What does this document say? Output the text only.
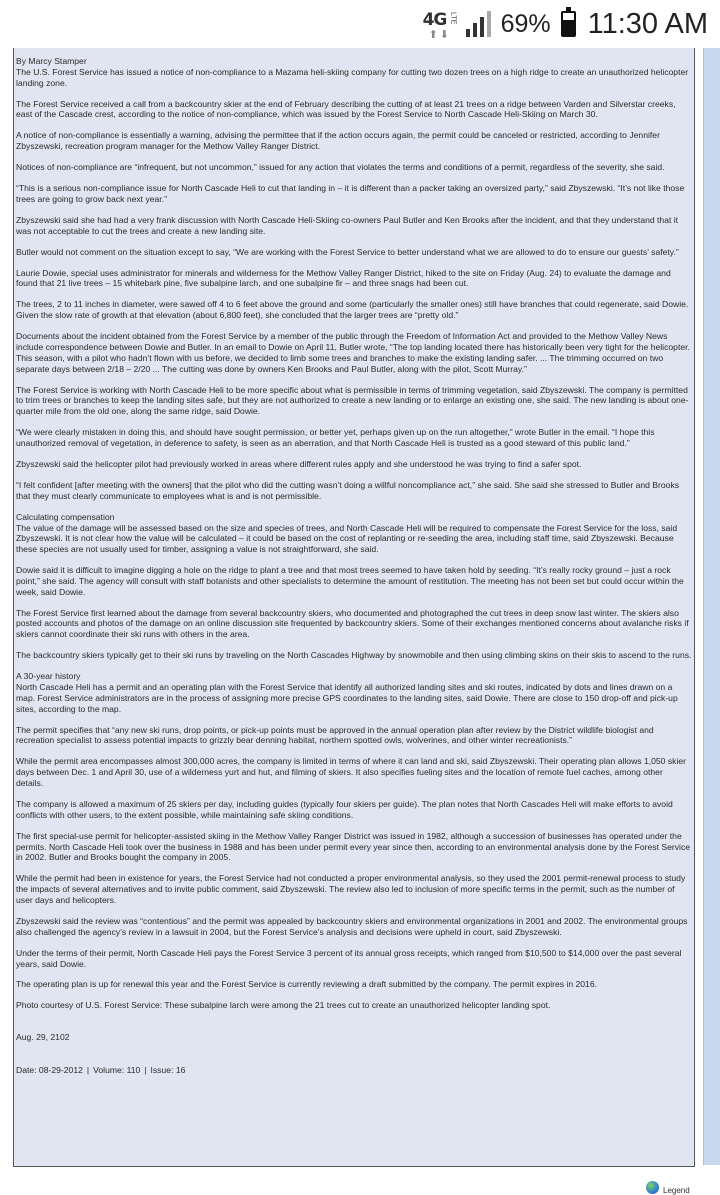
4G LTE
⬆⬇ 69% 11:30 AM

By Marcy Stamper

The U.S. Forest Service has issued a notice of non-compliance to a Mazama heli-skiing company for cutting two dozen trees on a high ridge to create an unauthorized helicopter landing zone.

The Forest Service received a call from a backcountry skier at the end of February describing the cutting of at least 21 trees on a ridge between Varden and Silverstar creeks, east of the Cascade crest, according to the notice of non-compliance, which was issued by the Forest Service to North Cascade Heli-Skiing on March 30.

A notice of non-compliance is essentially a warning, advising the permittee that if the action occurs again, the permit could be canceled or restricted, according to Jennifer Zbyszewski, recreation program manager for the Methow Valley Ranger District.

Notices of non-compliance are “infrequent, but not uncommon,” issued for any action that violates the terms and conditions of a permit, regardless of the severity, she said.

“This is a serious non-compliance issue for North Cascade Heli to cut that landing in – it is different than a packer taking an oversized party,” said Zbyszewski. “It’s not like those trees are going to grow back next year.”

Zbyszewski said she had had a very frank discussion with North Cascade Heli-Skiing co-owners Paul Butler and Ken Brooks after the incident, and that they understand that it was not acceptable to cut the trees and create a new landing site.

Butler would not comment on the situation except to say, “We are working with the Forest Service to better understand what we are allowed to do to ensure our guests’ safety.”

Laurie Dowie, special uses administrator for minerals and wilderness for the Methow Valley Ranger District, hiked to the site on Friday (Aug. 24) to evaluate the damage and found that 21 live trees – 15 whitebark pine, five subalpine larch, and one subalpine fir – and three snags had been cut.

The trees, 2 to 11 inches in diameter, were sawed off 4 to 6 feet above the ground and some (particularly the smaller ones) still have branches that could regenerate, said Dowie. Given the slow rate of growth at that elevation (about 6,800 feet), she concluded that the larger trees are “pretty old.”

Documents about the incident obtained from the Forest Service by a member of the public through the Freedom of Information Act and provided to the Methow Valley News include correspondence between Dowie and Butler. In an email to Dowie on April 11, Butler wrote, “The top landing located there has historically been very tight for the helicopter. This season, with a pilot who hadn’t flown with us before, we decided to limb some trees and branches to make the existing landing safer. ... The trimming occurred on two separate days between 2/18 – 2/20 ... The cutting was done by owners Ken Brooks and Paul Butler, along with the pilot, Scott Murray.”

The Forest Service is working with North Cascade Heli to be more specific about what is permissible in terms of trimming vegetation, said Zbyszewski. The company is permitted to trim trees or branches to keep the landing sites safe, but they are not authorized to create a new landing or to enlarge an existing one, she said. The new landing is about one-quarter mile from the old one, along the same ridge, said Dowie.

“We were clearly mistaken in doing this, and should have sought permission, or better yet, perhaps given up on the run altogether,” wrote Butler in the email. “I hope this unauthorized removal of vegetation, in deference to safety, is seen as an aberration, and that North Cascade Heli is trusted as a good steward of this public land.”

Zbyszewski said the helicopter pilot had previously worked in areas where different rules apply and she understood he was trying to find a safer spot.

“I felt confident [after meeting with the owners] that the pilot who did the cutting wasn’t doing a willful noncompliance act,” she said. She said she stressed to Butler and Brooks that they must clearly communicate to employees what is and is not permissible.

Calculating compensation

The value of the damage will be assessed based on the size and species of trees, and North Cascade Heli will be required to compensate the Forest Service for the loss, said Zbyszewski. It is not clear how the value will be calculated – it could be based on the cost of replanting or re-seeding the area, including staff time, said Zbyszewski. Because these species are not usually used for timber, assigning a value is not straightforward, she said.

Dowie said it is difficult to imagine digging a hole on the ridge to plant a tree and that most trees seemed to have taken hold by seeding. “It’s really rocky ground – just a rock point,” she said. The agency will consult with staff botanists and other specialists to determine the amount of restitution. The meeting has not been set but could occur within the week, said Dowie.

The Forest Service first learned about the damage from several backcountry skiers, who documented and photographed the cut trees in deep snow last winter. The skiers also posted accounts and photos of the damage on an online discussion site frequented by backcountry skiers. Some of their exchanges mentioned concerns about avalanche risks if skiers cannot coordinate their ski runs with others in the area.

The backcountry skiers typically get to their ski runs by traveling on the North Cascades Highway by snowmobile and then using climbing skins on their skis to ascend to the runs.

A 30-year history

North Cascade Heli has a permit and an operating plan with the Forest Service that identify all authorized landing sites and ski routes, indicated by dots and lines drawn on a map. Forest Service administrators are in the process of assigning more precise GPS coordinates to the landing sites, said Dowie. There are close to 150 drop-off and pick-up sites, according to the map.

The permit specifies that “any new ski runs, drop points, or pick-up points must be approved in the annual operation plan after review by the District wildlife biologist and recreation specialist to assess potential impacts to grizzly bear denning habitat, northern spotted owls, wolverines, and other winter recreationists.”

While the permit area encompasses almost 300,000 acres, the company is limited in terms of where it can land and ski, said Zbyszewski. Their operating plan allows 1,050 skier days between Dec. 1 and April 30, use of a wilderness yurt and hut, and filming of skiers. It also specifies fueling sites and the location of remote fuel caches, among other details.

The company is allowed a maximum of 25 skiers per day, including guides (typically four skiers per guide). The plan notes that North Cascades Heli will make efforts to avoid conflicts with other users, to the extent possible, while maintaining safe skiing conditions.

The first special-use permit for helicopter-assisted skiing in the Methow Valley Ranger District was issued in 1982, although a succession of businesses has operated under the permits. North Cascade Heli took over the business in 1988 and has been under permit every year since then, according to an environmental analysis done by the Forest Service in 2002. Butler and Brooks bought the company in 2005.

While the permit had been in existence for years, the Forest Service had not conducted a proper environmental analysis, so they used the 2001 permit-renewal process to study the impacts of several alternatives and to invite public comment, said Zbyszewski. The review also led to inclusion of more specific terms in the permit, such as the number of user days and helicopters.

Zbyszewski said the review was “contentious” and the permit was appealed by backcountry skiers and environmental organizations in 2001 and 2002. The environmental groups also challenged the agency’s review in a lawsuit in 2004, but the Forest Service’s analysis and decisions were upheld in court, said Zbyszewski.

Under the terms of their permit, North Cascade Heli pays the Forest Service 3 percent of its annual gross receipts, which ranged from $10,500 to $14,000 over the past several years, said Dowie.

The operating plan is up for renewal this year and the Forest Service is currently reviewing a draft submitted by the company. The permit expires in 2016.

Photo courtesy of U.S. Forest Service: These subalpine larch were among the 21 trees cut to create an unauthorized helicopter landing spot.

Aug. 29, 2102

Date: 08-29-2012 | Volume: 110 | Issue: 16
Legend
